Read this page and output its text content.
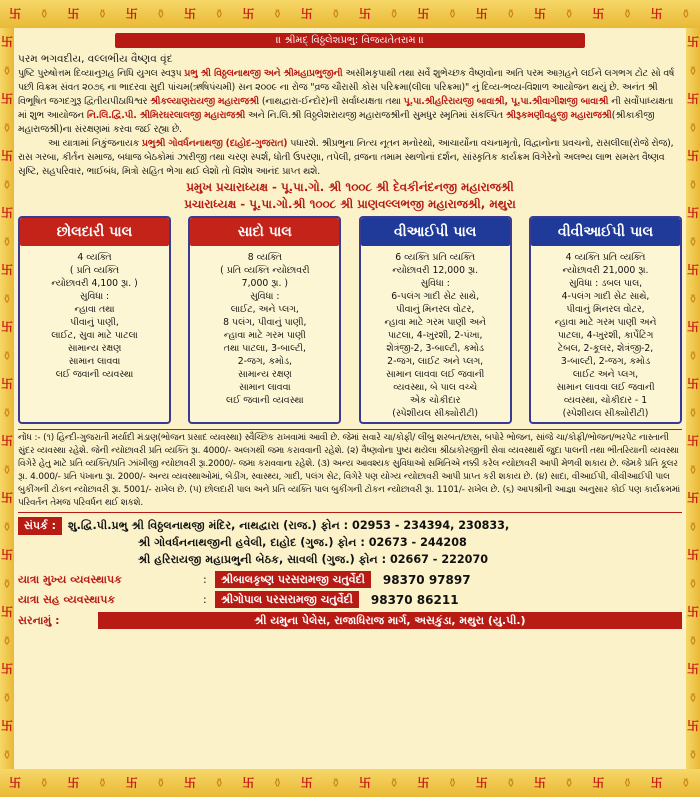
卐 ⚱ 卐 ⚱ 卐 ⚱ 卐 ⚱ 卐 ⚱ 卐 ⚱ 卐 ⚱ 卐 ⚱ 卐 ⚱ 卐 ⚱ 卐 ⚱ 卐 ⚱
卐 ⚱ 卐 ⚱ 卐 ⚱ 卐 ⚱ 卐 ⚱ 卐 ⚱ 卐 ⚱ 卐 ⚱ 卐 ⚱ 卐 ⚱ 卐 ⚱ 卐 ⚱
卐
⚱
卐
⚱
卐
⚱
卐
⚱
卐
⚱
卐
⚱
卐
⚱
卐
⚱
卐
⚱
卐
⚱
卐
⚱
卐
⚱
卐
⚱
卐
⚱
卐
⚱
卐
⚱
卐
⚱
卐
⚱
卐
⚱
卐
⚱
卐
⚱
卐
⚱
卐
⚱
卐
⚱
卐
⚱
卐
⚱
॥ શ્રીમદ્ વિઠ્ઠલેશપ્રભુ: વિજયતેતરામ ॥

પરમ ભગવદીય, વલ્લભીય વૈષ્ણવ વૃંદ

પુષ્ટિ પુરુષોત્તમ દિવ્યાનુગ્રહ નિધિ યુગલ સ્વરૂપ પ્રભુ શ્રી વિઠ્ઠલનાથજી અને શ્રીમહાપ્રભુજીની અસીમકૃપાથી તથા સર્વે શુભેચ્છક વૈષ્ણવોના અતિ પરમ આગ્રહને લઈને લગભગ ટોટ સો વર્ષ પછી વિક્રમ સંવત ૨૦૭૬ ના ભાદરવા સુદી પાંચમ(ઋષિપંચમી) સન ૨૦૦૯ ના રોજ "વ્રજ ચૌરાસી કોસ પરિક્રમા(લીલા પરિક્રમા)" નું દિવ્ય-ભવ્ય-વિશાળ આયોજન થયું છે. અનંત શ્રી વિભૂષિત જગદગુરૂ દ્વિતીયપીઠાધિશ્વર શ્રીકલ્યાણરાયજી મહારાજશ્રી (નાથદ્વારા-ઈન્દોર)ની સર્વાધ્યક્ષતા તથા પૂ.પા.શ્રીહરિરાયજી બાવાશ્રી, પૂ.પા.શ્રીવાગીશજી બાવાશ્રી ની સર્વોપાધ્યક્ષતા માં શુભ આયોજન નિ.લિ.દ્વિ.પી. શ્રીમિરઘરલાલજી મહારાજશ્રી અને નિ.લિ.શ્રી વિઠ્ઠલેશરાયજી મહારાજશ્રીની સુમધુર સ્મૃતિમાં સંકલ્પિત શ્રીરૂકમણીવહુજી મહારાજશ્રી(શ્રીકાકીજી મહારાજશ્રી)ના સંરક્ષણમાં કરવા જઈ રહ્યા છે.

આ યાત્રામાં નિકુંજનાયક પ્રભુશ્રી ગોવર્ધનનાથજી (દાહોદ-ગુજરાત) પધારશે. શ્રીપ્રભુના નિત્ય નૂતન મનોરથો, આચાર્યોના વચનામૃતો, વિદ્વાનોના પ્રવચનો, રાસલીલા(રોજે રોજ), રાસ ગરબા, કીર્તન સમાજ, બધાજ બેઠકોમાં ઝારીજી તથા ચરણ સ્પર્શ, ધોતી ઉપરણા, તપેલી, વ્રજના તમામ સ્થળોનાં દર્શન, સાંસ્કૃતિક કાર્યક્રમ વિગેરેનો અલભ્ય લાભ સમસ્ત વૈષ્ણવ સૃષ્ટિ, સહપરિવાર, ભાઈબંધ, મિત્રો સહિત ભેગા થઈ લેશો તો વિશેષ આનંદ પ્રાપ્ત થશે.

પ્રમુખ પ્રચારાધ્યક્ષ - પૂ.પા.ગો. શ્રી ૧૦૦૮ શ્રી દેવકીનંદનજી મહારાજશ્રી
પ્રચારાધ્યક્ષ - પૂ.પા.ગો.શ્રી ૧૦૦૮ શ્રી પ્રાણવલ્લભજી મહારાજશ્રી, મથુરા
છોલદારી પાલ
4 વ્યક્તિ
( પ્રતિ વ્યક્તિ
ન્યોછાવરી 4,100 રૂા. )
સુવિધા :
ન્હાવા તથા
પીવાનું પાણી,
લાઈટ, સુવા માટે પાટલા
સામાન્ય રક્ષણ
સામાન લાવવા
લઈ જવાની વ્યવસ્થા
સાદો પાલ
8 વ્યક્તિ
( પ્રતિ વ્યક્તિ ન્યોછાવરી
7,000 રૂા. )
સુવિધા :
લાઈટ, અને પ્લગ,
8 પલંગ, પીવાનું પાણી,
ન્હાવા માટે ગરમ પાણી
તથા પાટલા, 3-બાલ્ટી,
2-જગ, કમોડ,
સામાન્ય રક્ષણ
સામાન લાવવા
લઈ જવાની વ્યવસ્થા
વીઆઈપી પાલ
6 વ્યક્તિ પ્રતિ વ્યક્તિ
ન્યોછાવરી 12,000 રૂા.
સુવિધા :
6-પલંગ ગાદી સેટ સાથે,
પીવાનું મિનરલ વોટર,
ન્હાવા માટે ગરમ પાણી અને
પાટલા, 4-ખુરશી, 2-પંખા,
શેત્રંજી-2, 3-બાલ્ટી, કમોડ
2-જગ, લાઈટ અને પ્લગ,
સામાન લાવવા લઈ જવાની
વ્યવસ્થા, બે પાલ વચ્ચે
એક ચોકીદાર
(સ્પેશીયલ સીક્યોરીટી)
વીવીઆઈપી પાલ
4 વ્યક્તિ પ્રતિ વ્યક્તિ
ન્યોછાવરી 21,000 રૂા.
સુવિધા : ડબલ પાલ,
4-પલંગ ગાદી સેટ સાથે,
પીવાનું મિનરલ વોટર,
ન્હાવા માટે ગરમ પાણી અને
પાટલા, 4-ખુરશી, કાર્પેટિંગ
ટેબલ, 2-કૂલર, શેત્રંજી-2,
3-બાલ્ટી, 2-જગ, કમોડ
લાઈટ અને પ્લગ,
સામાન લાવવા લઈ જવાની
વ્યવસ્થા, ચોકીદાર - 1
(સ્પેશીયલ સીક્યોરીટી)
નોંધ :- (૧) હિન્દી-ગુજરાતી મર્યાદી મંડાણ(ભોજન પ્રસાદ વ્યવસ્થા) સ્વૈચ્છિક રાખવામાં આવી છે. જેમાં સવારે ચા/કોફી/ લીંબુ શરબત/છાસ, બપોરે ભોજન, સાંજે ચા/કોફી/ભોજન/ભરપેટ નાસ્તાની સુંદર વ્યવસ્થા રહેશે. જેની ન્યોછાવરી પ્રતિ વ્યક્તિ રૂા. 4000/- અલગથી જમા કરાવવાની રહેશે. (૨) વૈષ્ણવોના પુષ્ય થયેલા શ્રીઠાકોરજીની સેવા વ્યવસ્થાર્થે જુદા પાલની તથા ભીતરિયાની વ્યવસ્થા વિગેરે હેતુ માટે પ્રતિ વ્યક્તિ/પ્રતિ ઝાંખીજી ન્યોછાવરી રૂા.2000/- જમા કરાવવાના રહેશે. (૩) અન્ય આવશ્યક સુવિધાઓ સમિતિએ નક્કી કરેલ ન્યોછાવરી આપી મેળવી શકાય છે. જેમકે પ્રતિ કૂલર રૂા. 4.000/- પ્રતિ પંખાના રૂા. 2000/- અન્ય વ્યવસ્થાઓમાં, બેડીંગ, સ્વાસ્થ્ય, ગાદી, પલંગ સેટ, વિગેરે પણ યોગ્ય ન્યોછાવરી આપી પ્રાપ્ત કરી શકાય છે. (૪) સાદા, વીઆઈપી, વીવીઆઈપી પાલ બુકીંગની ટોકન ન્યોછાવરી રૂા. 5001/- રાખેલ છે. (૫) છોલદારી પાલ અને પ્રતિ વ્યક્તિ પાલ બુકીંગની ટોકન ન્યોછાવરી રૂા. 1101/- રાખેલ છે. (૬) આપશ્રીની આજ્ઞા અનુસાર કોઈ પણ કાર્યક્રમમાં પરિવર્તન તેમજ પરિવર્ધન થઈ શકશે.
સંપર્ક :	શુ.દ્વિ.પી.પ્રભુ શ્રી વિઠ્ઠલનાથજી મંદિર, નાથદ્વારા (રાજ.) ફોન : 02953 - 234394, 230833,
શ્રી ગોવર્ધનનાથજીની હવેલી, દાહોદ (ગુજ.) ફોન : 02673 - 244208
શ્રી હરિરાયજી મહાપ્રભુની બેઠક, સાવલી (ગુજ.) ફોન : 02667 - 222070
યાત્રા મુખ્ય વ્યવસ્થાપક	:	શ્રીબાલકૃષ્ણ પરસરામજી ચતુર્વેદી	98370 97897
યાત્રા સહ વ્યવસ્થાપક	:	શ્રીગોપાલ પરસરામજી ચતુર્વેદી	98370 86211
સરનામું :	શ્રી યમુના પેલેસ, રાજાધિરાજ માર્ગ, અસકુંડા, મથુરા (યુ.પી.)
